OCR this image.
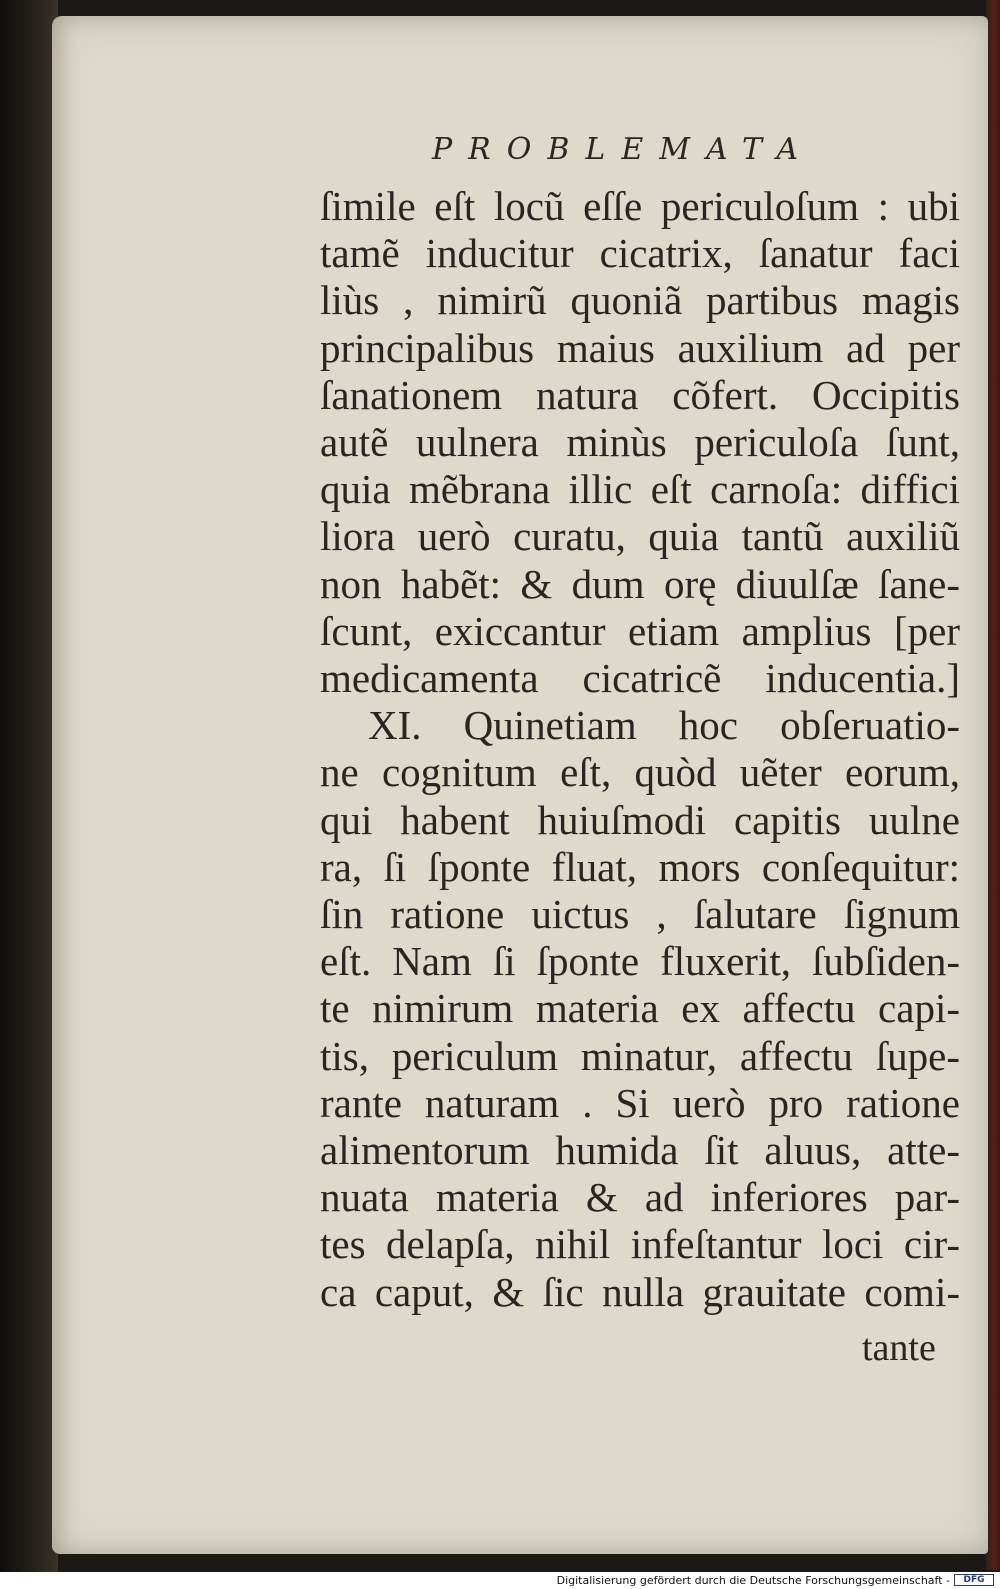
PROBLEMATA
ſimile eſt locũ eſſe periculoſum : ubi
tamẽ inducitur cicatrix, ſanatur faci
liùs , nimirũ quoniã partibus magis
principalibus maius auxilium ad per
ſanationem natura cõfert. Occipitis
autẽ uulnera minùs periculoſa ſunt,
quia mẽbrana illic eſt carnoſa: diffici
liora uerò curatu, quia tantũ auxiliũ
non habẽt: & dum orę diuulſæ ſane-
ſcunt, exiccantur etiam amplius [per
medicamenta cicatricẽ inducentia.]
XI. Quinetiam hoc obſeruatio-
ne cognitum eſt, quòd uẽter eorum,
qui habent huiuſmodi capitis uulne
ra, ſi ſponte fluat, mors conſequitur:
ſin ratione uictus , ſalutare ſignum
eſt. Nam ſi ſponte fluxerit, ſubſiden-
te nimirum materia ex affectu capi-
tis, periculum minatur, affectu ſupe-
rante naturam . Si uerò pro ratione
alimentorum humida ſit aluus, atte-
nuata materia & ad inferiores par-
tes delapſa, nihil infeſtantur loci cir-
ca caput, & ſic nulla grauitate comi-
tante
Digitalisierung gefördert durch die Deutsche Forschungsgemeinschaft -	DFG
